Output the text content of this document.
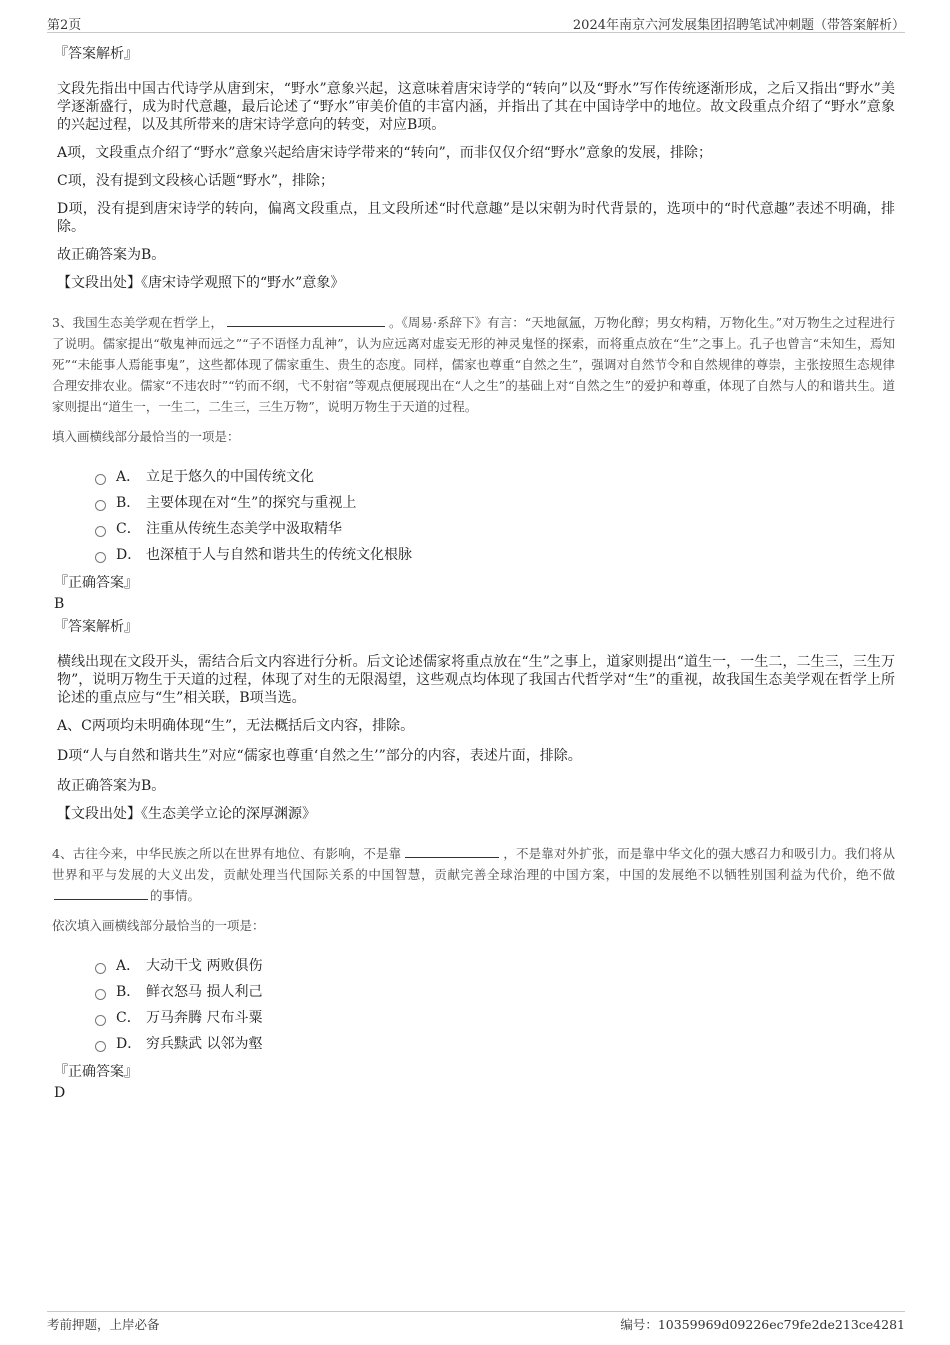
第2页	2024年南京六河发展集团招聘笔试冲刺题（带答案解析）
『答案解析』

文段先指出中国古代诗学从唐到宋，“野水”意象兴起，这意味着唐宋诗学的“转向”以及“野水”写作传统逐渐形成，之后又指出“野水”美学逐渐盛行，成为时代意趣，最后论述了“野水”审美价值的丰富内涵，并指出了其在中国诗学中的地位。故文段重点介绍了“野水”意象的兴起过程，以及其所带来的唐宋诗学意向的转变，对应B项。

A项，文段重点介绍了“野水”意象兴起给唐宋诗学带来的“转向”，而非仅仅介绍“野水”意象的发展，排除；

C项，没有提到文段核心话题“野水”，排除；

D项，没有提到唐宋诗学的转向，偏离文段重点，且文段所述“时代意趣”是以宋朝为时代背景的，选项中的“时代意趣”表述不明确，排除。

故正确答案为B。

【文段出处】《唐宋诗学观照下的“野水”意象》
3、我国生态美学观在哲学上，	。《周易·系辞下》有言：“天地氤氲，万物化醇；男女构精，万物化生。”对万物生之过程进行了说明。儒家提出“敬鬼神而远之”“子不语怪力乱神”，认为应远离对虚妄无形的神灵鬼怪的探索，而将重点放在“生”之事上。孔子也曾言“未知生，焉知死”“未能事人焉能事鬼”，这些都体现了儒家重生、贵生的态度。同样，儒家也尊重“自然之生”，强调对自然节令和自然规律的尊崇，主张按照生态规律合理安排农业。儒家“不违农时”“钓而不纲，弋不射宿”等观点便展现出在“人之生”的基础上对“自然之生”的爱护和尊重，体现了自然与人的和谐共生。道家则提出“道生一，一生二，二生三，三生万物”，说明万物生于天道的过程。
填入画横线部分最恰当的一项是：
A． 立足于悠久的中国传统文化
B． 主要体现在对“生”的探究与重视上
C． 注重从传统生态美学中汲取精华
D． 也深植于人与自然和谐共生的传统文化根脉
『正确答案』
B
『答案解析』

横线出现在文段开头，需结合后文内容进行分析。后文论述儒家将重点放在“生”之事上，道家则提出“道生一，一生二，二生三，三生万物”，说明万物生于天道的过程，体现了对生的无限渴望，这些观点均体现了我国古代哲学对“生”的重视，故我国生态美学观在哲学上所论述的重点应与“生”相关联，B项当选。

A、C两项均未明确体现“生”，无法概括后文内容，排除。

D项“人与自然和谐共生”对应“儒家也尊重‘自然之生’”部分的内容，表述片面，排除。

故正确答案为B。

【文段出处】《生态美学立论的深厚渊源》
4、古往今来，中华民族之所以在世界有地位、有影响，不是靠	，不是靠对外扩张，而是靠中华文化的强大感召力和吸引力。我们将从世界和平与发展的大义出发，贡献处理当代国际关系的中国智慧，贡献完善全球治理的中国方案，中国的发展绝不以牺牲别国利益为代价，绝不做的事情。
依次填入画横线部分最恰当的一项是：
A． 大动干戈 两败俱伤
B． 鲜衣怒马 损人利己
C． 万马奔腾 尺布斗粟
D． 穷兵黩武 以邻为壑
『正确答案』
D
考前押题，上岸必备	编号：10359969d09226ec79fe2de213ce4281
